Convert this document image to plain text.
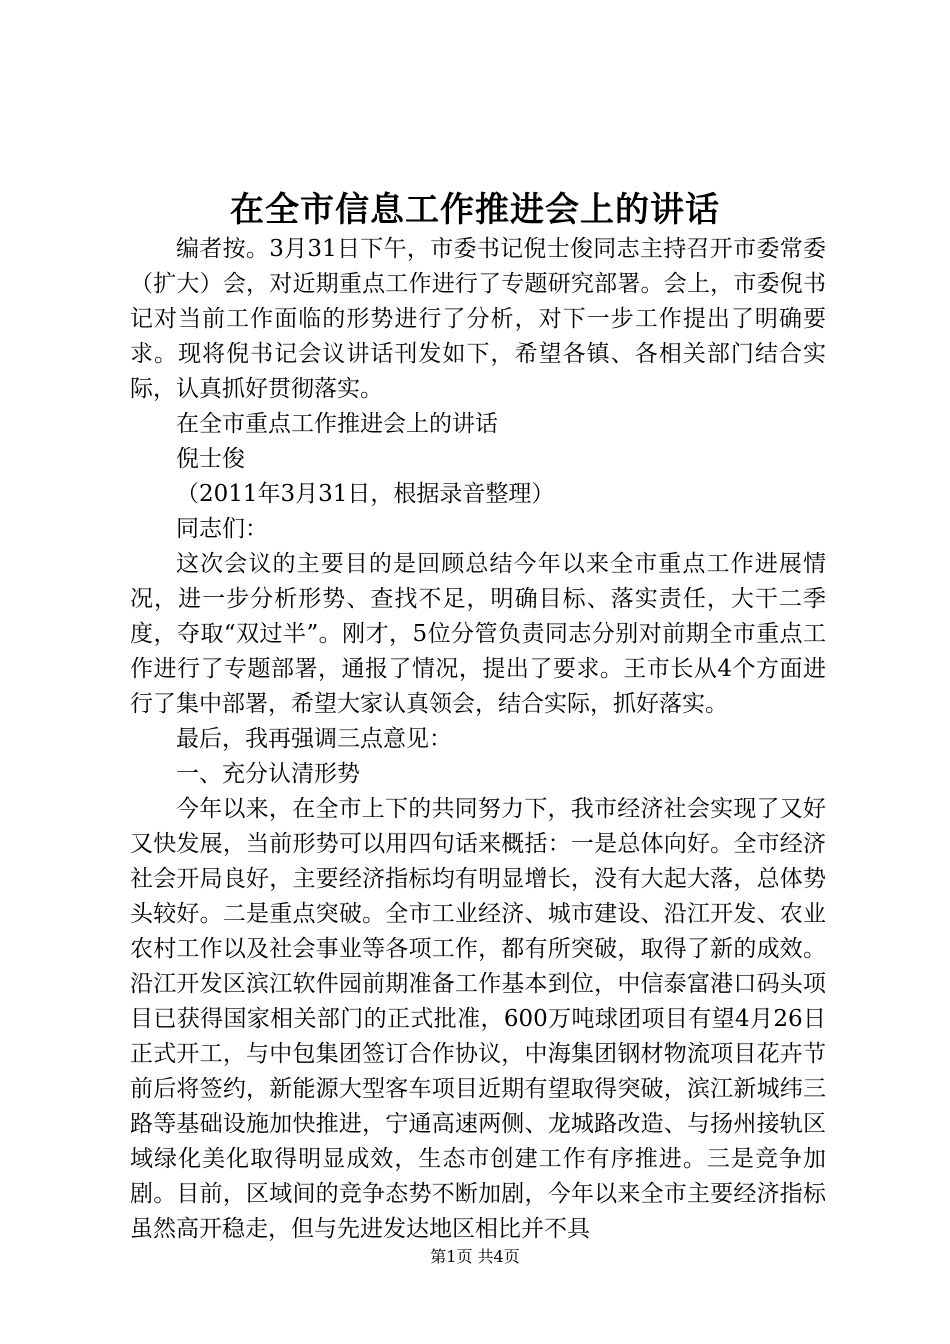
在全市信息工作推进会上的讲话

编者按。3月31日下午，市委书记倪士俊同志主持召开市委常委（扩大）会，对近期重点工作进行了专题研究部署。会上，市委倪书记对当前工作面临的形势进行了分析，对下一步工作提出了明确要求。现将倪书记会议讲话刊发如下，希望各镇、各相关部门结合实际，认真抓好贯彻落实。

在全市重点工作推进会上的讲话

倪士俊

（2011年3月31日，根据录音整理）

同志们：

这次会议的主要目的是回顾总结今年以来全市重点工作进展情况，进一步分析形势、查找不足，明确目标、落实责任，大干二季度，夺取“双过半”。刚才，5位分管负责同志分别对前期全市重点工作进行了专题部署，通报了情况，提出了要求。王市长从4个方面进行了集中部署，希望大家认真领会，结合实际，抓好落实。

最后，我再强调三点意见：

一、充分认清形势

今年以来，在全市上下的共同努力下，我市经济社会实现了又好又快发展，当前形势可以用四句话来概括：一是总体向好。全市经济社会开局良好，主要经济指标均有明显增长，没有大起大落，总体势头较好。二是重点突破。全市工业经济、城市建设、沿江开发、农业农村工作以及社会事业等各项工作，都有所突破，取得了新的成效。沿江开发区滨江软件园前期准备工作基本到位，中信泰富港口码头项目已获得国家相关部门的正式批准，600万吨球团项目有望4月26日正式开工，与中包集团签订合作协议，中海集团钢材物流项目花卉节前后将签约，新能源大型客车项目近期有望取得突破，滨江新城纬三路等基础设施加快推进，宁通高速两侧、龙城路改造、与扬州接轨区域绿化美化取得明显成效，生态市创建工作有序推进。三是竞争加剧。目前，区域间的竞争态势不断加剧，今年以来全市主要经济指标虽然高开稳走，但与先进发达地区相比并不具

第1页 共4页
